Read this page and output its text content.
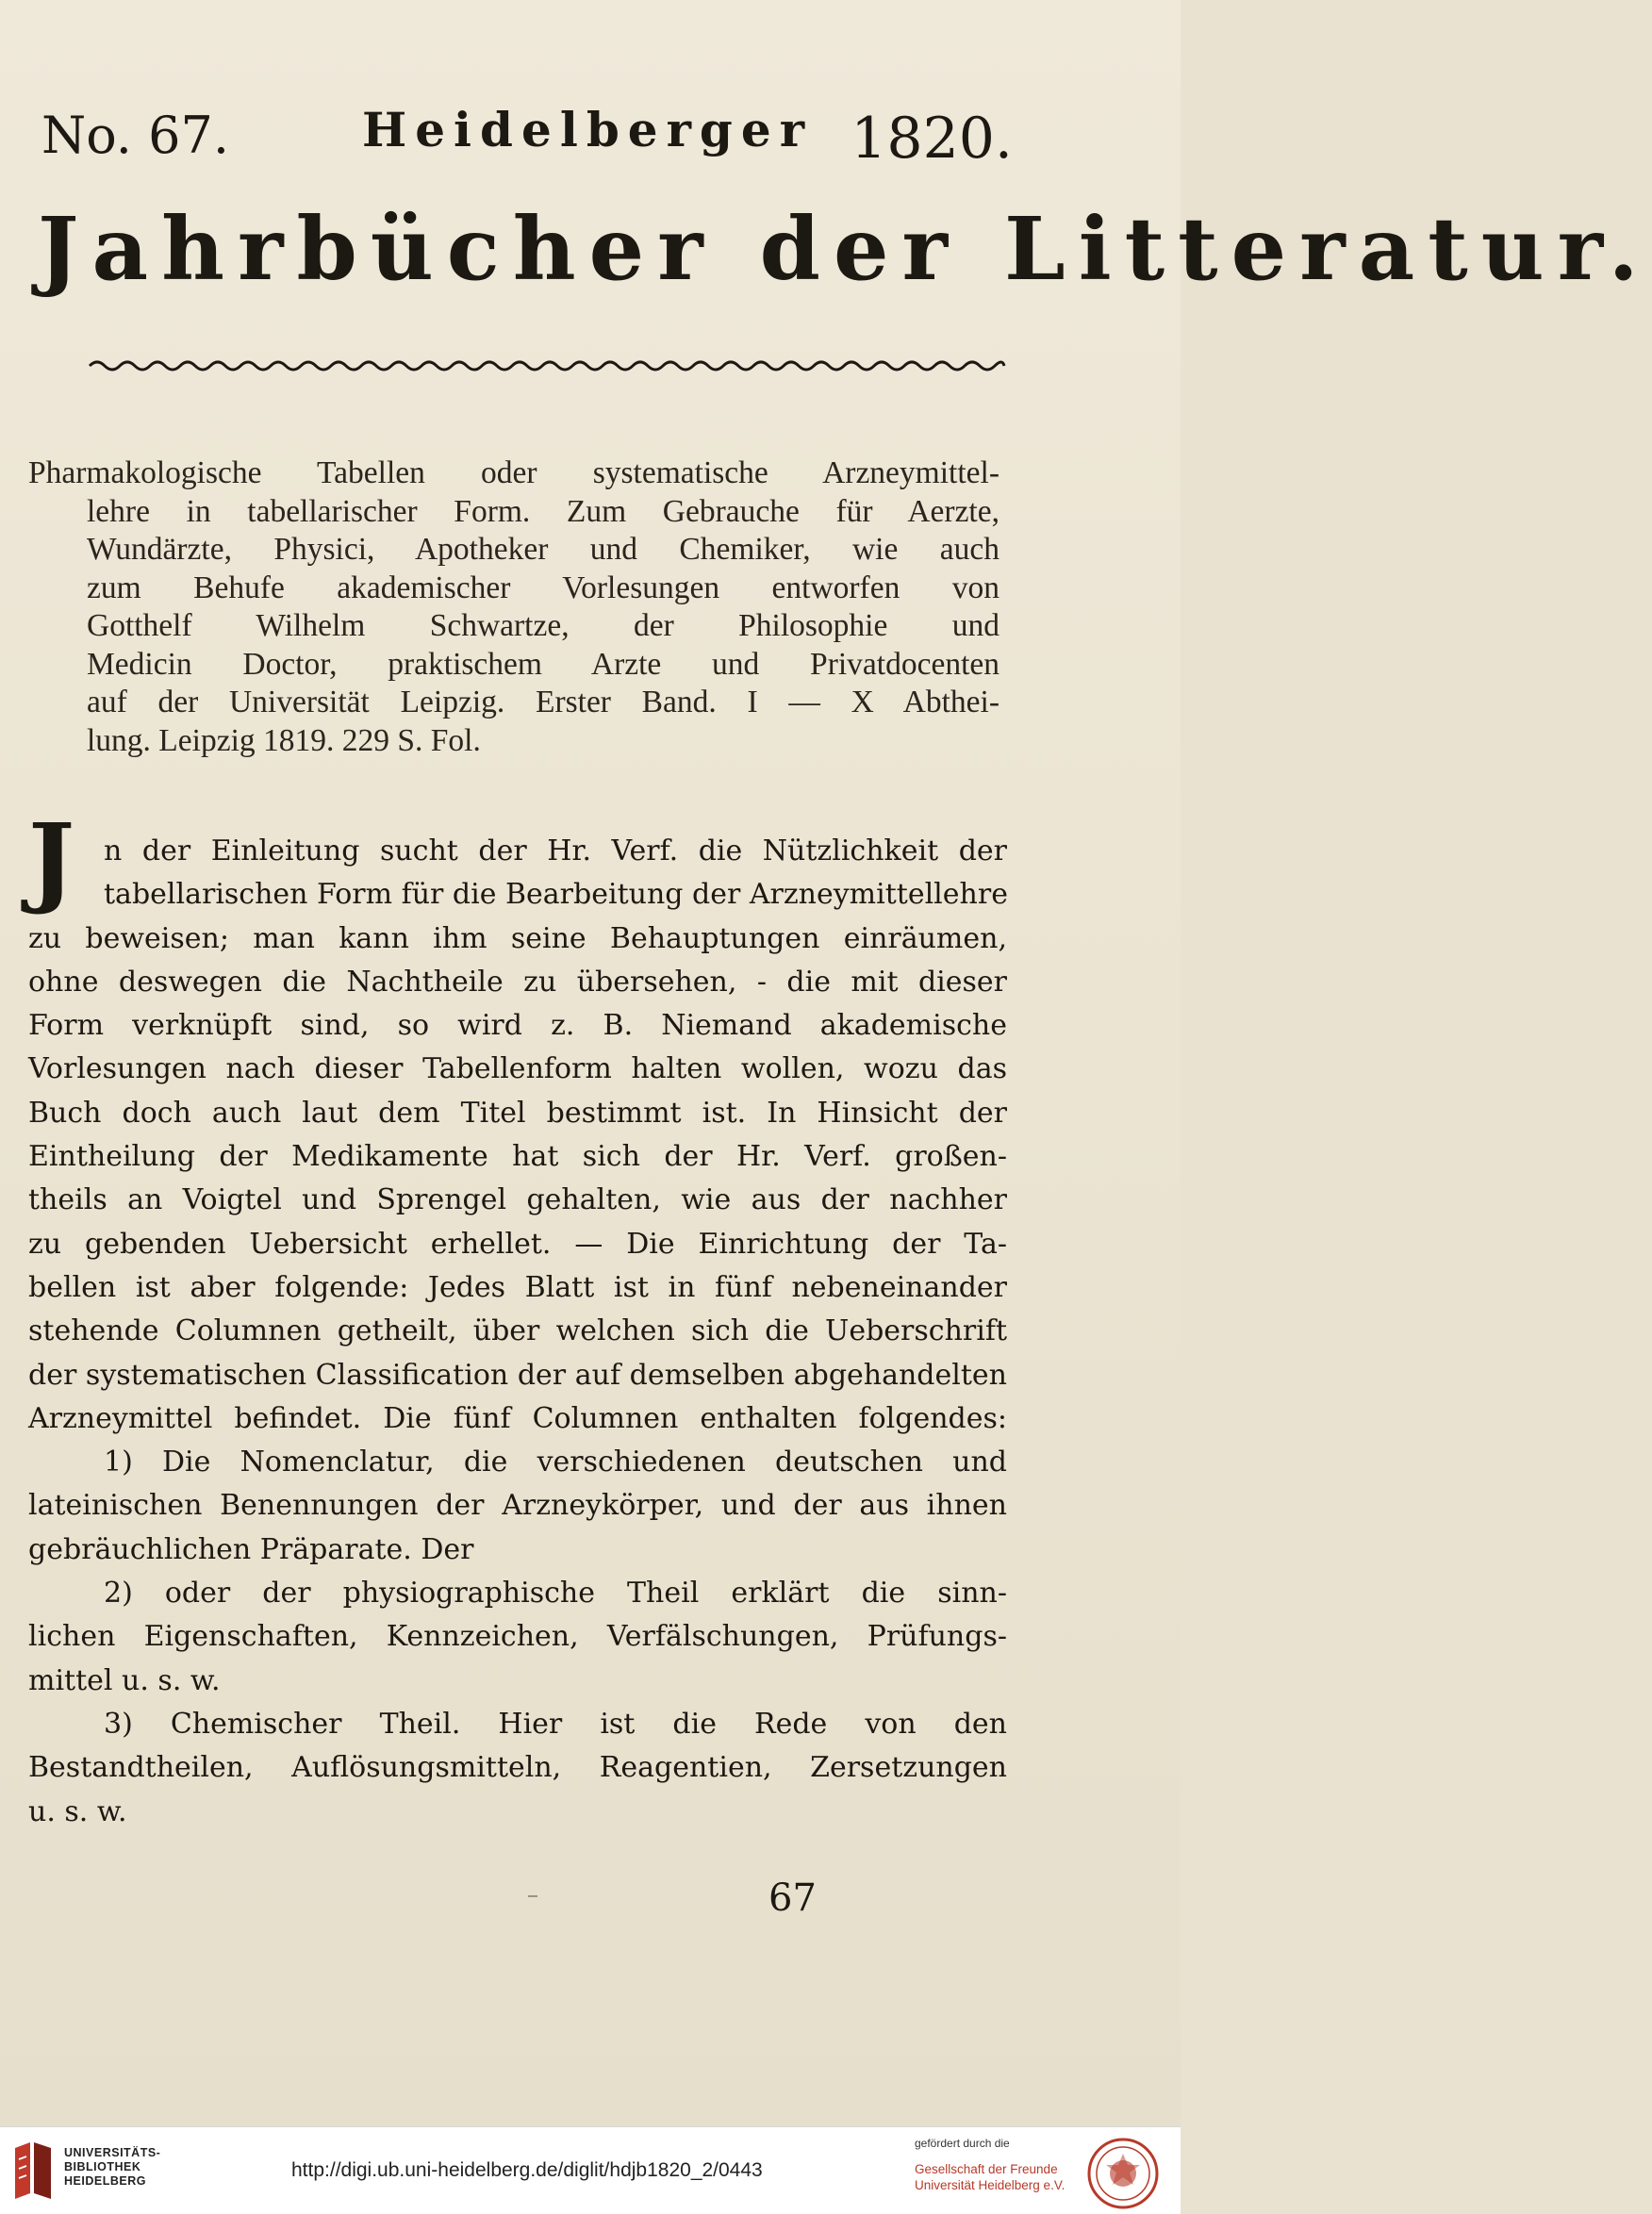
No. 67.	Heidelberger 1820.
Jahrbücher der Litteratur.
Pharmakologische Tabellen oder systematische Arzneymittel-
lehre in tabellarischer Form. Zum Gebrauche für Aerzte,
Wundärzte, Physici, Apotheker und Chemiker, wie auch
zum Behufe akademischer Vorlesungen entworfen von
Gotthelf Wilhelm Schwartze, der Philosophie und
Medicin Doctor, praktischem Arzte und Privatdocenten
auf der Universität Leipzig. Erster Band. I — X Abthei-
lung. Leipzig 1819. 229 S. Fol.
J	n der Einleitung sucht der Hr. Verf. die Nützlichkeit der
tabellarischen Form für die Bearbeitung der Arzneymittellehre
zu beweisen; man kann ihm seine Behauptungen einräumen,
ohne deswegen die Nachtheile zu übersehen, - die mit dieser
Form verknüpft sind, so wird z. B. Niemand akademische
Vorlesungen nach dieser Tabellenform halten wollen, wozu das
Buch doch auch laut dem Titel bestimmt ist. In Hinsicht der
Eintheilung der Medikamente hat sich der Hr. Verf. großen-
theils an Voigtel und Sprengel gehalten, wie aus der nachher
zu gebenden Uebersicht erhellet. — Die Einrichtung der Ta-
bellen ist aber folgende: Jedes Blatt ist in fünf nebeneinander
stehende Columnen getheilt, über welchen sich die Ueberschrift
der systematischen Classification der auf demselben abgehandelten
Arzneymittel befindet. Die fünf Columnen enthalten folgendes:
1) Die Nomenclatur, die verschiedenen deutschen und
lateinischen Benennungen der Arzneykörper, und der aus ihnen
gebräuchlichen Präparate. Der
2) oder der physiographische Theil erklärt die sinn-
lichen Eigenschaften, Kennzeichen, Verfälschungen, Prüfungs-
mittel u. s. w.
3) Chemischer Theil. Hier ist die Rede von den
Bestandtheilen, Auflösungsmitteln, Reagentien, Zersetzungen
u. s. w.
67
UNIVERSITÄTS-
BIBLIOTHEK
HEIDELBERG	http://digi.ub.uni-heidelberg.de/diglit/hdjb1820_2/0443
gefördert durch die
Gesellschaft der Freunde
Universität Heidelberg e.V.
